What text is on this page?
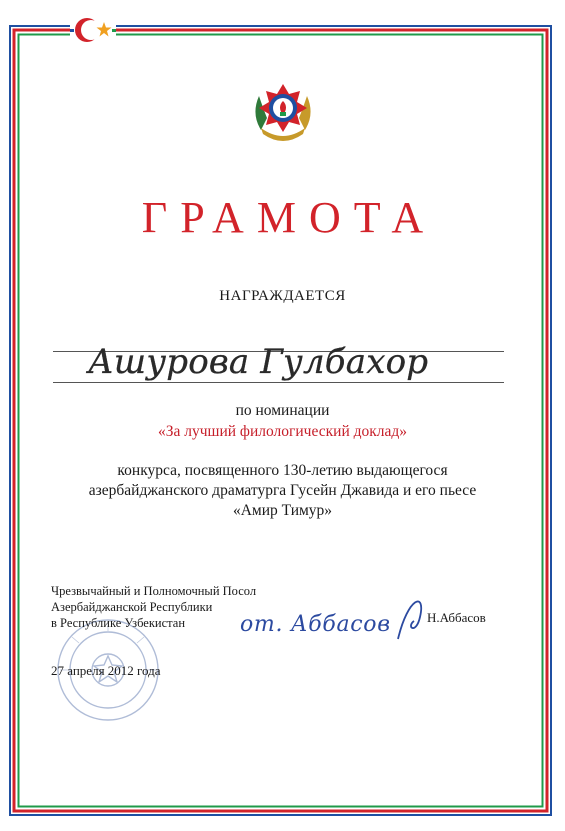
ГРАМОТА
НАГРАЖДАЕТСЯ
Ашурова Гулбахор
по номинации
«За лучший филологический доклад»
конкурса, посвященного 130-летию выдающегося
азербайджанского драматурга Гусейн Джавида и его пьесе
«Амир Тимур»
Чрезвычайный и Полномочный Посол
Азербайджанской Республики
в Республике Узбекистан от. Аббасов	Н.Аббасов
27 апреля 2012 года
